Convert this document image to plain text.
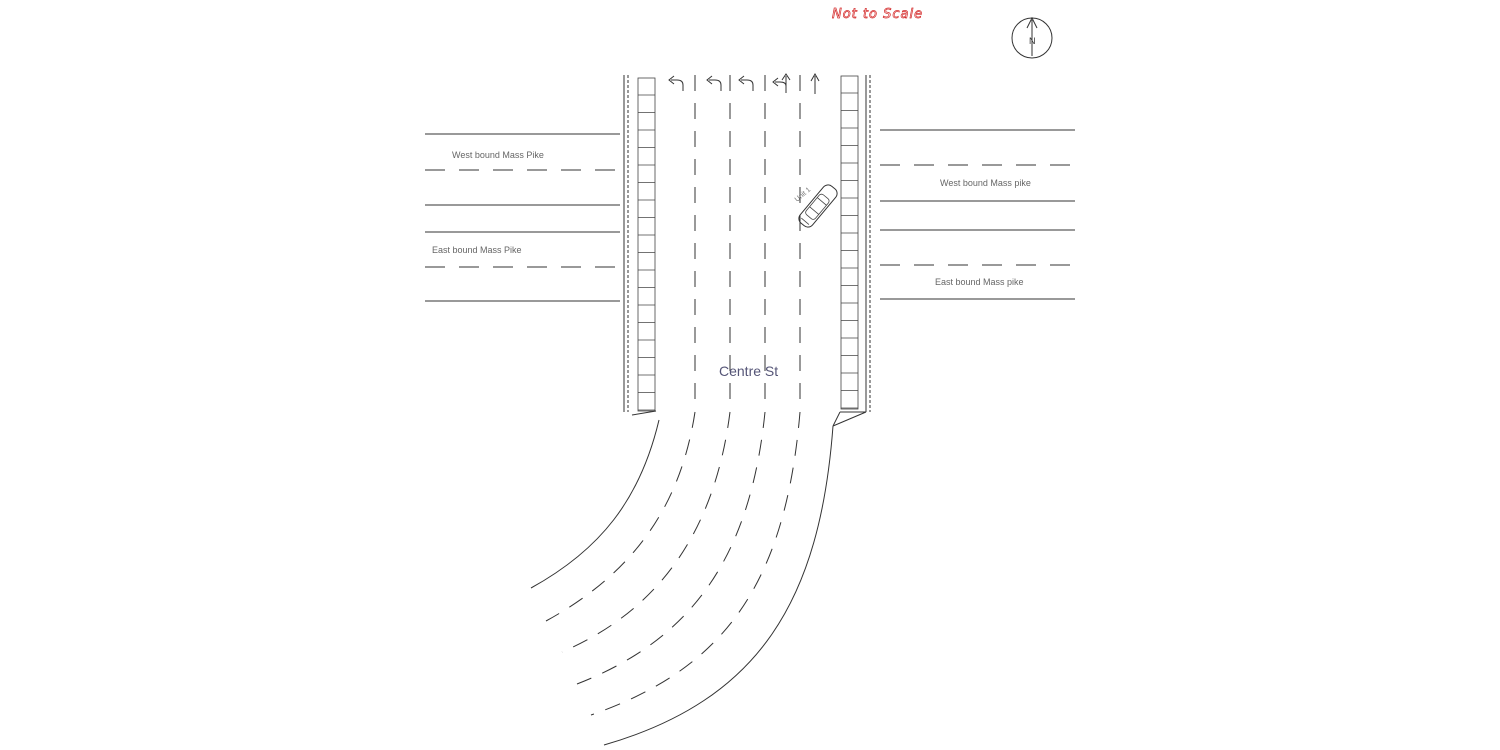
Not to Scale
N
West bound Mass Pike
East bound Mass Pike
West bound Mass pike
East bound Mass pike
Centre St
Unit 1
